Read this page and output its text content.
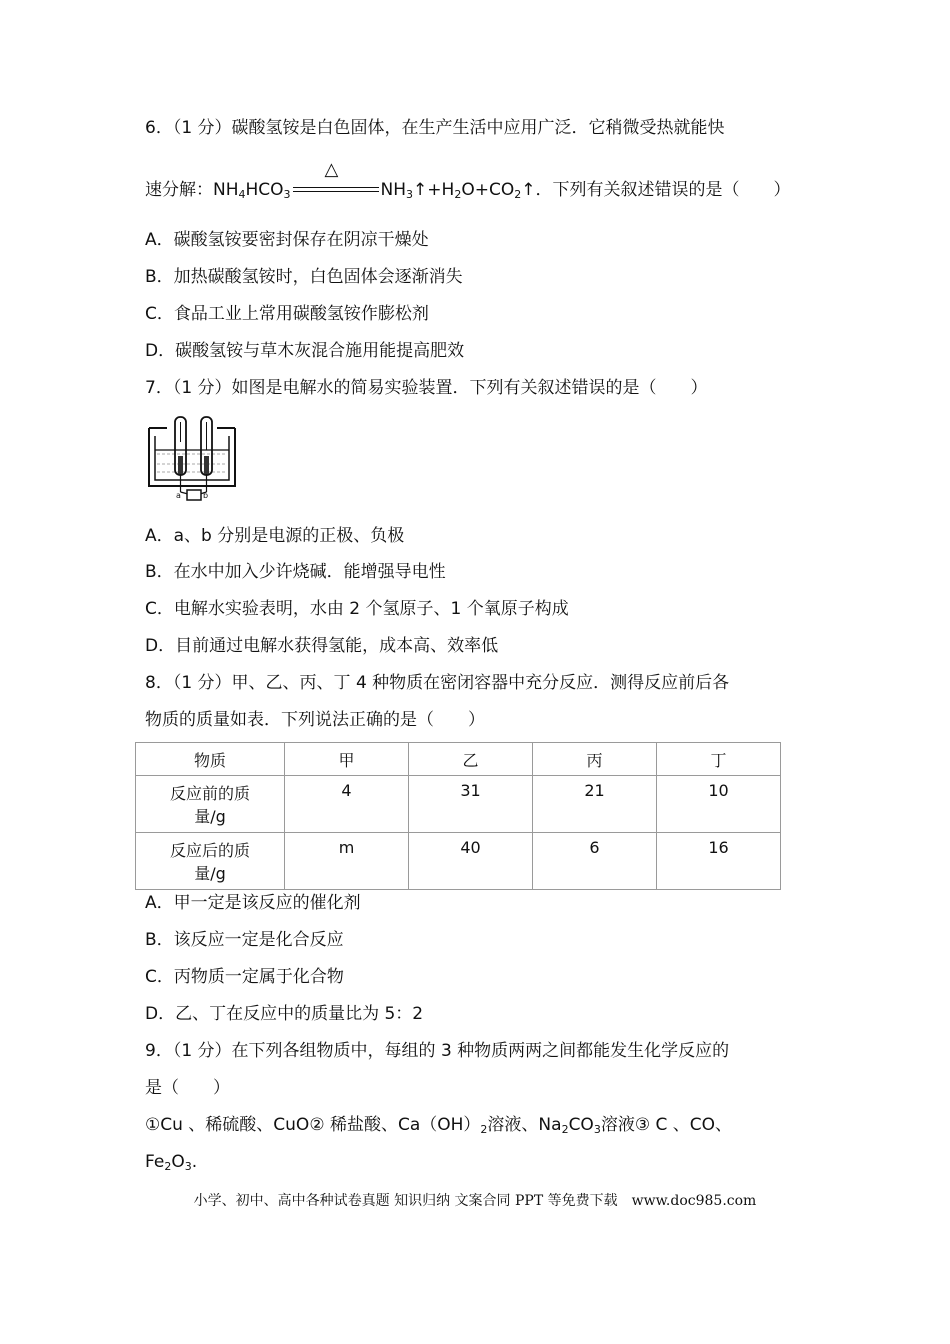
6．（1 分）碳酸氢铵是白色固体，在生产生活中应用广泛．它稍微受热就能快
速分解：$NH_4HCO_3$
△
$NH_3↑+H_2O+CO_2↑$．下列有关叙述错误的是（　　）
A．碳酸氢铵要密封保存在阴凉干燥处
B．加热碳酸氢铵时，白色固体会逐渐消失
C．食品工业上常用碳酸氢铵作膨松剂
D．碳酸氢铵与草木灰混合施用能提高肥效
7．（1 分）如图是电解水的简易实验装置．下列有关叙述错误的是（　　）
a	b
A．a、b 分别是电源的正极、负极
B．在水中加入少许烧碱．能增强导电性
C．电解水实验表明，水由 2 个氢原子、1 个氧原子构成
D．目前通过电解水获得氢能，成本高、效率低
8．（1 分）甲、乙、丙、丁 4 种物质在密闭容器中充分反应．测得反应前后各
物质的质量如表．下列说法正确的是（　　）
物质	甲	乙	丙	丁

反应前的质
量/g	4	31	21	10

反应后的质
量/g	m	40	6	16
A．甲一定是该反应的催化剂
B．该反应一定是化合反应
C．丙物质一定属于化合物
D．乙、丁在反应中的质量比为 5：2
9．（1 分）在下列各组物质中，每组的 3 种物质两两之间都能发生化学反应的
是（　　）
①Cu 、稀硫酸、CuO② 稀盐酸、$Ca(OH)_2$溶液、$Na_2CO_3$溶液③ C 、CO、
$Fe_2O_3$.
小学、初中、高中各种试卷真题 知识归纳 文案合同 PPT 等免费下载　www.doc985.com
